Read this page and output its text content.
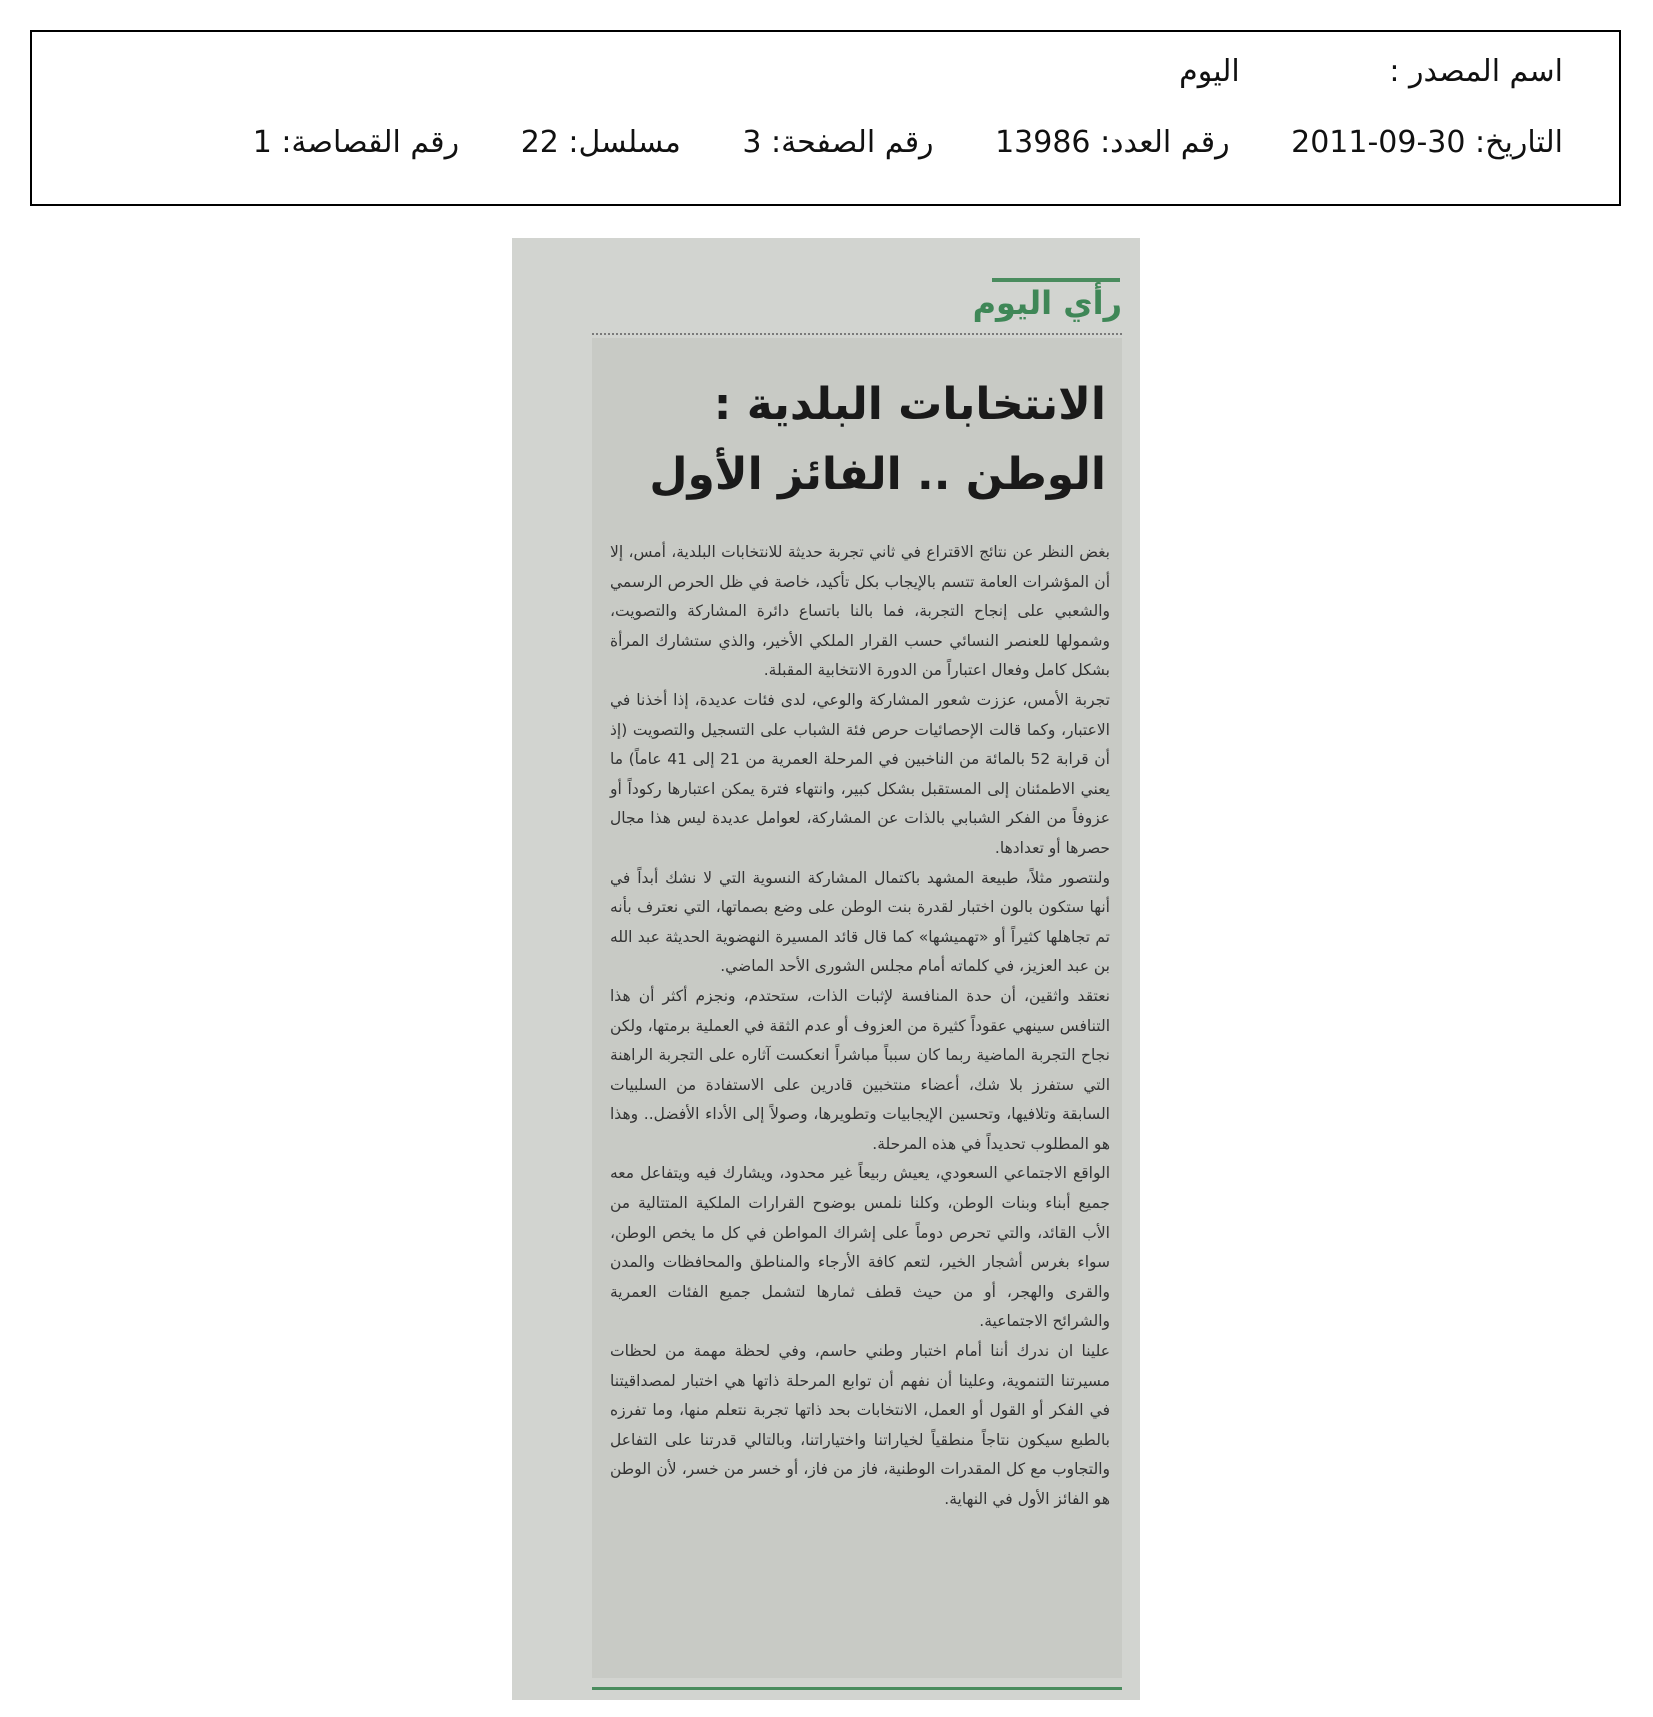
اسم المصدر : اليوم
التاريخ: 2011-09-30 رقم العدد: 13986 رقم الصفحة: 3 مسلسل: 22 رقم القصاصة: 1
رأي اليوم
الانتخابات البلدية :
الوطن .. الفائز الأول

بغض النظر عن نتائج الاقتراع في ثاني تجربة حديثة للانتخابات البلدية، أمس، إلا أن المؤشرات العامة تتسم بالإيجاب بكل تأكيد، خاصة في ظل الحرص الرسمي والشعبي على إنجاح التجربة، فما بالنا باتساع دائرة المشاركة والتصويت، وشمولها للعنصر النسائي حسب القرار الملكي الأخير، والذي ستشارك المرأة بشكل كامل وفعال اعتباراً من الدورة الانتخابية المقبلة.

تجربة الأمس، عززت شعور المشاركة والوعي، لدى فئات عديدة، إذا أخذنا في الاعتبار، وكما قالت الإحصائيات حرص فئة الشباب على التسجيل والتصويت (إذ أن قرابة 52 بالمائة من الناخبين في المرحلة العمرية من 21 إلى 41 عاماً) ما يعني الاطمئنان إلى المستقبل بشكل كبير، وانتهاء فترة يمكن اعتبارها ركوداً أو عزوفاً من الفكر الشبابي بالذات عن المشاركة، لعوامل عديدة ليس هذا مجال حصرها أو تعدادها.

ولنتصور مثلاً، طبيعة المشهد باكتمال المشاركة النسوية التي لا نشك أبداً في أنها ستكون بالون اختبار لقدرة بنت الوطن على وضع بصماتها، التي نعترف بأنه تم تجاهلها كثيراً أو «تهميشها» كما قال قائد المسيرة النهضوية الحديثة عبد الله بن عبد العزيز، في كلماته أمام مجلس الشورى الأحد الماضي.

نعتقد واثقين، أن حدة المنافسة لإثبات الذات، ستحتدم، ونجزم أكثر أن هذا التنافس سينهي عقوداً كثيرة من العزوف أو عدم الثقة في العملية برمتها، ولكن نجاح التجربة الماضية ربما كان سبباً مباشراً انعكست آثاره على التجربة الراهنة التي ستفرز بلا شك، أعضاء منتخبين قادرين على الاستفادة من السلبيات السابقة وتلافيها، وتحسين الإيجابيات وتطويرها، وصولاً إلى الأداء الأفضل.. وهذا هو المطلوب تحديداً في هذه المرحلة.

الواقع الاجتماعي السعودي، يعيش ربيعاً غير محدود، ويشارك فيه ويتفاعل معه جميع أبناء وبنات الوطن، وكلنا نلمس بوضوح القرارات الملكية المتتالية من الأب القائد، والتي تحرص دوماً على إشراك المواطن في كل ما يخص الوطن، سواء بغرس أشجار الخير، لتعم كافة الأرجاء والمناطق والمحافظات والمدن والقرى والهجر، أو من حيث قطف ثمارها لتشمل جميع الفئات العمرية والشرائح الاجتماعية.

علينا ان ندرك أننا أمام اختبار وطني حاسم، وفي لحظة مهمة من لحظات مسيرتنا التنموية، وعلينا أن نفهم أن توابع المرحلة ذاتها هي اختبار لمصداقيتنا في الفكر أو القول أو العمل، الانتخابات بحد ذاتها تجربة نتعلم منها، وما تفرزه بالطبع سيكون نتاجاً منطقياً لخياراتنا واختياراتنا، وبالتالي قدرتنا على التفاعل والتجاوب مع كل المقدرات الوطنية، فاز من فاز، أو خسر من خسر، لأن الوطن هو الفائز الأول في النهاية.
